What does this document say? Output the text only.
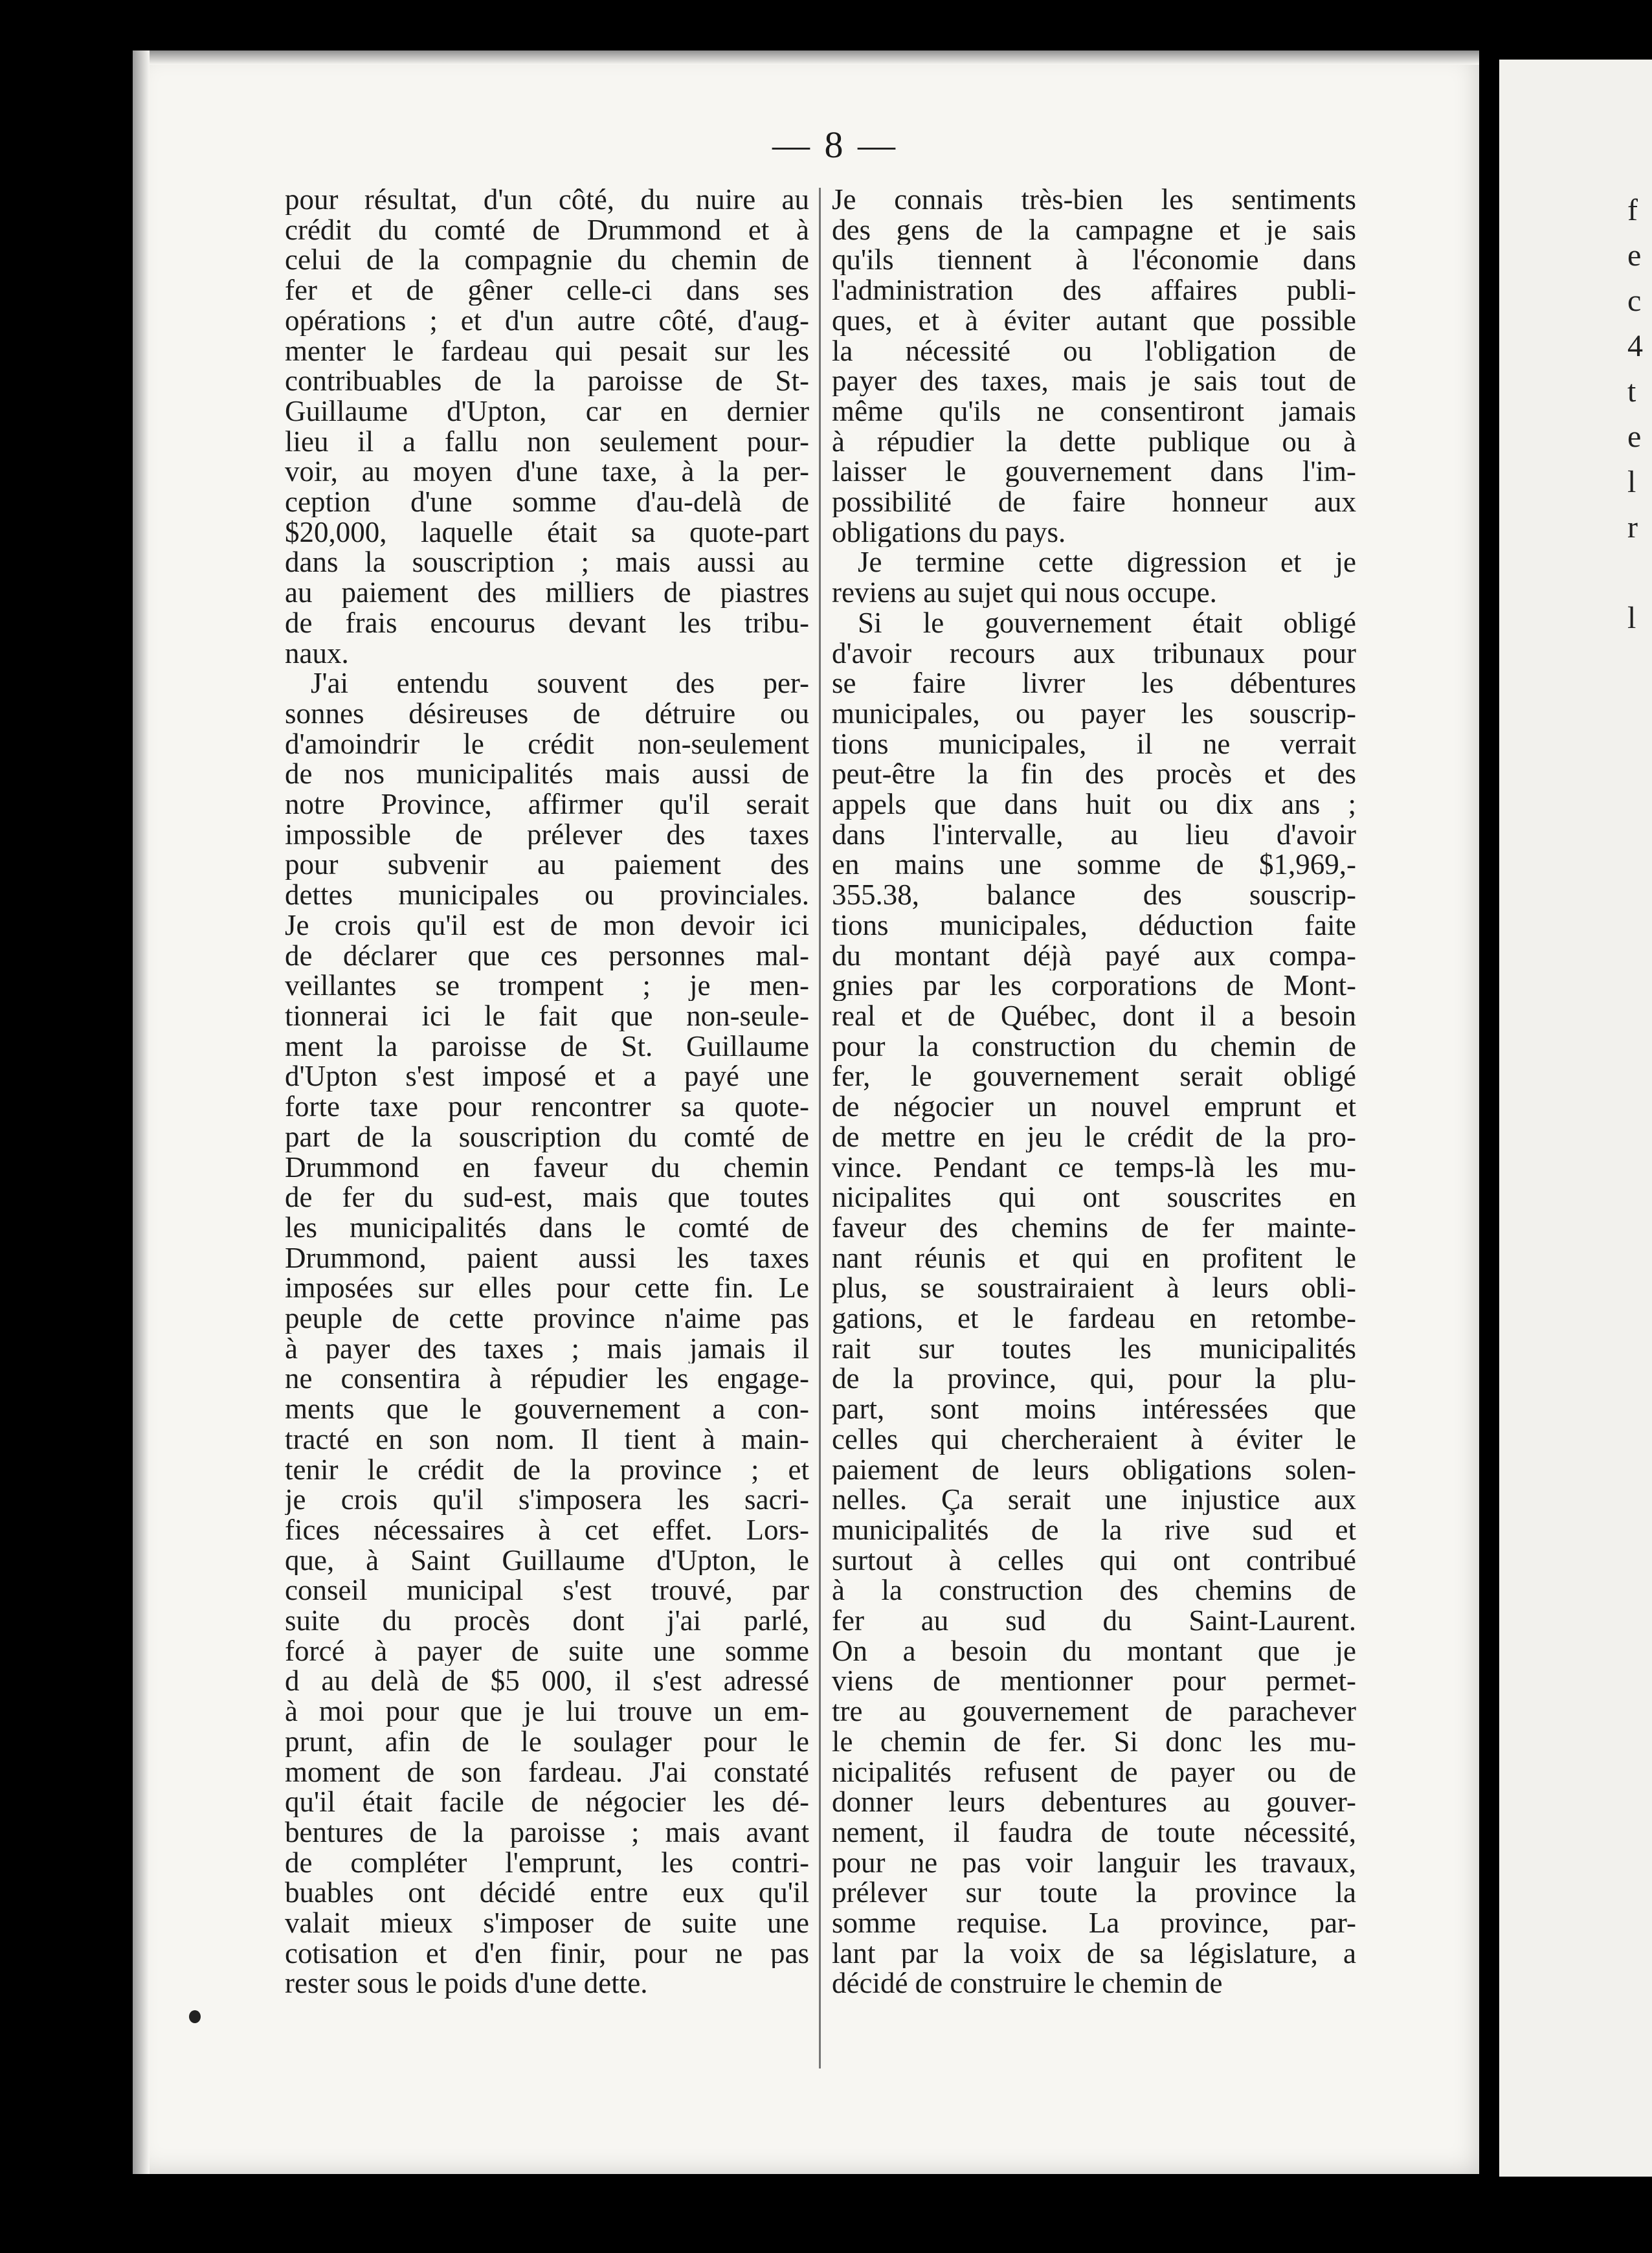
f
e
c
4
t
e
l
r

l
— 8 —

pour résultat, d'un côté, du nuire au
crédit du comté de Drummond et à
celui de la compagnie du chemin de
fer et de gêner celle-ci dans ses
opérations ; et d'un autre côté, d'aug-
menter le fardeau qui pesait sur les
contribuables de la paroisse de St-
Guillaume d'Upton, car en dernier
lieu il a fallu non seulement pour-
voir, au moyen d'une taxe, à la per-
ception d'une somme d'au-delà de
$20,000, laquelle était sa quote-part
dans la souscription ; mais aussi au
au paiement des milliers de piastres
de frais encourus devant les tribu-
naux.

J'ai entendu souvent des per-
sonnes désireuses de détruire ou
d'amoindrir le crédit non-seulement
de nos municipalités mais aussi de
notre Province, affirmer qu'il serait
impossible de prélever des taxes
pour subvenir au paiement des
dettes municipales ou provinciales.
Je crois qu'il est de mon devoir ici
de déclarer que ces personnes mal-
veillantes se trompent ; je men-
tionnerai ici le fait que non-seule-
ment la paroisse de St. Guillaume
d'Upton s'est imposé et a payé une
forte taxe pour rencontrer sa quote-
part de la souscription du comté de
Drummond en faveur du chemin
de fer du sud-est, mais que toutes
les municipalités dans le comté de
Drummond, paient aussi les taxes
imposées sur elles pour cette fin. Le
peuple de cette province n'aime pas
à payer des taxes ; mais jamais il
ne consentira à répudier les engage-
ments que le gouvernement a con-
tracté en son nom. Il tient à main-
tenir le crédit de la province ; et
je crois qu'il s'imposera les sacri-
fices nécessaires à cet effet. Lors-
que, à Saint Guillaume d'Upton, le
conseil municipal s'est trouvé, par
suite du procès dont j'ai parlé,
forcé à payer de suite une somme
d au delà de $5 000, il s'est adressé
à moi pour que je lui trouve un em-
prunt, afin de le soulager pour le
moment de son fardeau. J'ai constaté
qu'il était facile de négocier les dé-
bentures de la paroisse ; mais avant
de compléter l'emprunt, les contri-
buables ont décidé entre eux qu'il
valait mieux s'imposer de suite une
cotisation et d'en finir, pour ne pas
rester sous le poids d'une dette.

Je connais très-bien les sentiments
des gens de la campagne et je sais
qu'ils tiennent à l'économie dans
l'administration des affaires publi-
ques, et à éviter autant que possible
la nécessité ou l'obligation de
payer des taxes, mais je sais tout de
même qu'ils ne consentiront jamais
à répudier la dette publique ou à
laisser le gouvernement dans l'im-
possibilité de faire honneur aux
obligations du pays.

Je termine cette digression et je
reviens au sujet qui nous occupe.

Si le gouvernement était obligé
d'avoir recours aux tribunaux pour
se faire livrer les débentures
municipales, ou payer les souscrip-
tions municipales, il ne verrait
peut-être la fin des procès et des
appels que dans huit ou dix ans ;
dans l'intervalle, au lieu d'avoir
en mains une somme de $1,969,-
355.38, balance des souscrip-
tions municipales, déduction faite
du montant déjà payé aux compa-
gnies par les corporations de Mont-
real et de Québec, dont il a besoin
pour la construction du chemin de
fer, le gouvernement serait obligé
de négocier un nouvel emprunt et
de mettre en jeu le crédit de la pro-
vince. Pendant ce temps-là les mu-
nicipalites qui ont souscrites en
faveur des chemins de fer mainte-
nant réunis et qui en profitent le
plus, se soustrairaient à leurs obli-
gations, et le fardeau en retombe-
rait sur toutes les municipalités
de la province, qui, pour la plu-
part, sont moins intéressées que
celles qui chercheraient à éviter le
paiement de leurs obligations solen-
nelles. Ça serait une injustice aux
municipalités de la rive sud et
surtout à celles qui ont contribué
à la construction des chemins de
fer au sud du Saint-Laurent.
On a besoin du montant que je
viens de mentionner pour permet-
tre au gouvernement de parachever
le chemin de fer. Si donc les mu-
nicipalités refusent de payer ou de
donner leurs debentures au gouver-
nement, il faudra de toute nécessité,
pour ne pas voir languir les travaux,
prélever sur toute la province la
somme requise. La province, par-
lant par la voix de sa législature, a
décidé de construire le chemin de
